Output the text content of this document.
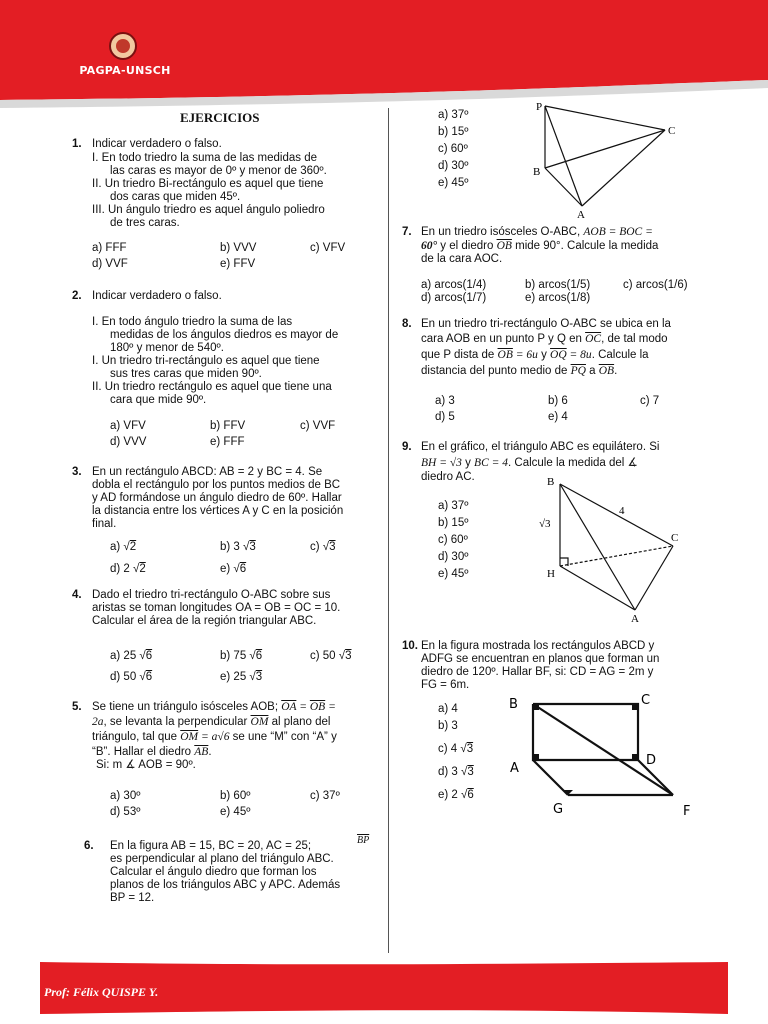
PAGPA-UNSCH
Prof: Félix QUISPE Y.
EJERCICIOS
1. Indicar verdadero o falso.
I. En todo triedro la suma de las medidas de
las caras es mayor de 0º y menor de 360º.
II. Un triedro Bi-rectángulo es aquel que tiene
dos caras que miden 45º.
III. Un ángulo triedro es aquel ángulo poliedro
de tres caras.
a) FFF	b) VVV	c) VFV
d) VVF	e) FFV
2. Indicar verdadero o falso.
I. En todo ángulo triedro la suma de las
medidas de los ángulos diedros es mayor de
180º y menor de 540º.
I. Un triedro tri-rectángulo es aquel que tiene
sus tres caras que miden 90º.
II. Un triedro rectángulo es aquel que tiene una
cara que mide 90º.
a) VFV	b) FFV	c) VVF
d) VVV	e) FFF
3. En un rectángulo ABCD: AB = 2 y BC = 4. Se
dobla el rectángulo por los puntos medios de BC
y AD formándose un ángulo diedro de 60º. Hallar
la distancia entre los vértices A y C en la posición
final.
a) √2	b) 3 √3	c) √3
d) 2 √2	e) √6
4. Dado el triedro tri-rectángulo O-ABC sobre sus
aristas se toman longitudes OA = OB = OC = 10.
Calcular el área de la región triangular ABC.
a) 25 √6	b) 75 √6	c) 50 √3
d) 50 √6	e) 25 √3
5. Se tiene un triángulo isósceles AOB; $\overline{OA} = \overline{OB}$ =
2a, se levanta la perpendicular $\overline{OM}$ al plano del
triángulo, tal que $\overline{OM} = a√6$ se une “M” con “A” y
“B”. Hallar el diedro $\overline{AB}$.
Si: m ∡ AOB = 90º.
a) 30º	b) 60º	c) 37º
d) 53º	e) 45º
6. En la figura AB = 15, BC = 20, AC = 25;	$\overline{BP}$
es perpendicular al plano del triángulo ABC.
Calcular el ángulo diedro que forman los
planos de los triángulos ABC y APC. Además
BP = 12.
a) 37º
b) 15º
c) 60º
d) 30º
e) 45º
P
C
B
A
7. En un triedro isósceles O-ABC, AOB = BOC =
60° y el diedro $\overline{OB}$ mide 90°. Calcule la medida
de la cara AOC.
a) arcos(1/4)	b) arcos(1/5)	c) arcos(1/6)
d) arcos(1/7)	e) arcos(1/8)
8. En un triedro tri-rectángulo O-ABC se ubica en la
cara AOB en un punto P y Q en $\overline{OC}$, de tal modo
que P dista de $\overline{OB} = 6u$ y $\overline{OQ} = 8u$. Calcule la
distancia del punto medio de $\overline{PQ}$ a $\overline{OB}$.
a) 3	b) 6	c) 7
d) 5	e) 4
9. En el gráfico, el triángulo ABC es equilátero. Si
BH = √3 y BC = 4. Calcule la medida del ∡
diedro AC.
a) 37º
b) 15º
c) 60º
d) 30º
e) 45º
B
4
√3
C
H
A
10. En la figura mostrada los rectángulos ABCD y
ADFG se encuentran en planos que forman un
diedro de 120º. Hallar BF, si: CD = AG = 2m y
FG = 6m.
a) 4
b) 3
c) 4 √3
d) 3 √3
e) 2 √6
B	C
A
D
G	F
